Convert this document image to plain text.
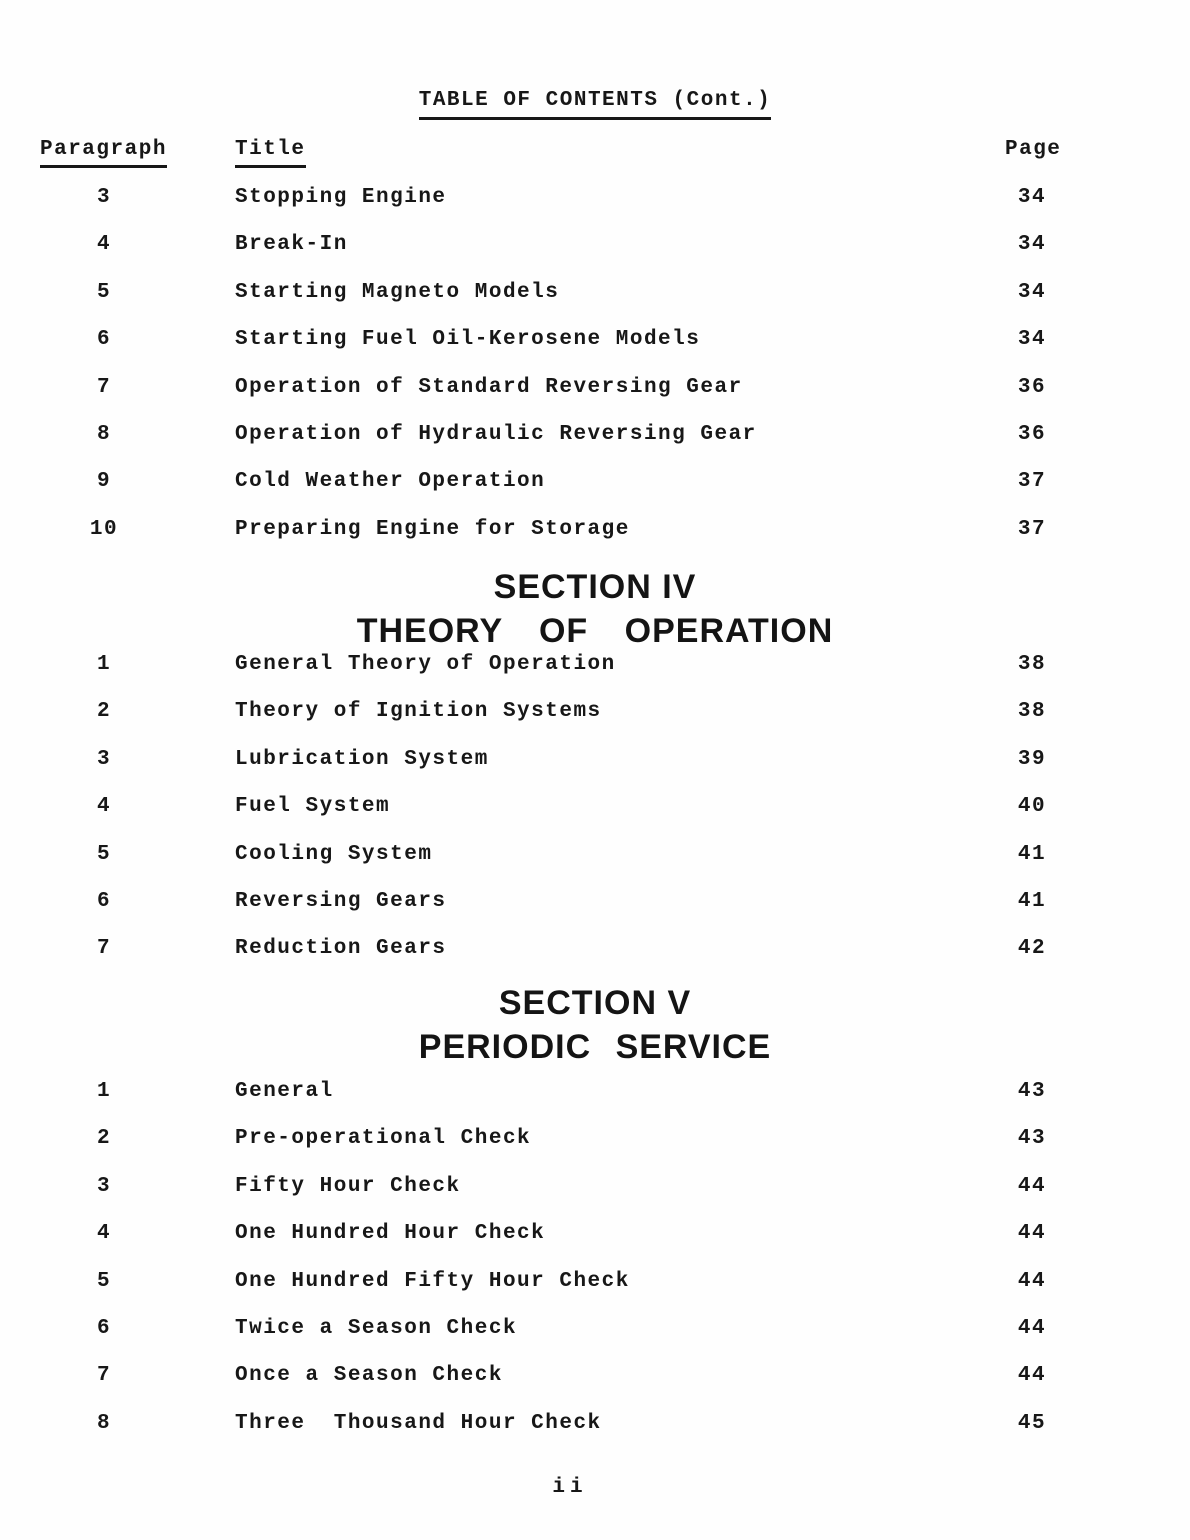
TABLE OF CONTENTS (Cont.)
Paragraph	Title	Page
3	Stopping Engine	34
4	Break-In	34
5	Starting Magneto Models	34
6	Starting Fuel Oil-Kerosene Models	34
7	Operation of Standard Reversing Gear	36
8	Operation of Hydraulic Reversing Gear	36
9	Cold Weather Operation	37
10	Preparing Engine for Storage	37
SECTION IV
THEORY OF OPERATION
1	General Theory of Operation	38
2	Theory of Ignition Systems	38
3	Lubrication System	39
4	Fuel System	40
5	Cooling System	41
6	Reversing Gears	41
7	Reduction Gears	42
SECTION V
PERIODIC SERVICE
1	General	43
2	Pre-operational Check	43
3	Fifty Hour Check	44
4	One Hundred Hour Check	44
5	One Hundred Fifty Hour Check	44
6	Twice a Season Check	44
7	Once a Season Check	44
8	Three  Thousand Hour Check	45
ii
